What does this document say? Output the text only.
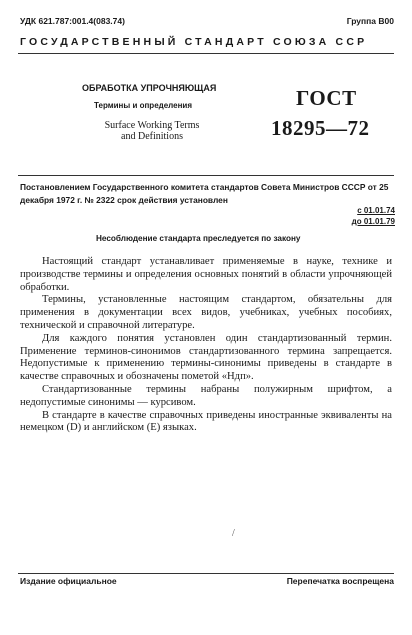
УДК 621.787:001.4(083.74)	Группа В00
ГОСУДАРСТВЕННЫЙ СТАНДАРТ СОЮЗА ССР
ОБРАБОТКА УПРОЧНЯЮЩАЯ
Термины и определения
Surface Working Terms
and Definitions
ГОСТ
18295—72
Постановлением Государственного комитета стандартов Совета Министров СССР от 25 декабря 1972 г. № 2322 срок действия установлен
с 01.01.74
до 01.01.79
Несоблюдение стандарта преследуется по закону

Настоящий стандарт устанавливает применяемые в науке, технике и производстве термины и определения основных понятий в области упрочняющей обработки.

Термины, установленные настоящим стандартом, обязательны для применения в документации всех видов, учебниках, учебных пособиях, технической и справочной литературе.

Для каждого понятия установлен один стандартизованный термин. Применение терминов-синонимов стандартизованного термина запрещается. Недопустимые к применению термины-синонимы приведены в стандарте в качестве справочных и обозначены пометой «Ндп».

Стандартизованные термины набраны полужирным шрифтом, а недопустимые синонимы — курсивом.

В стандарте в качестве справочных приведены иностранные эквиваленты на немецком (D) и английском (E) языках.

/
Издание официальное	Перепечатка воспрещена
